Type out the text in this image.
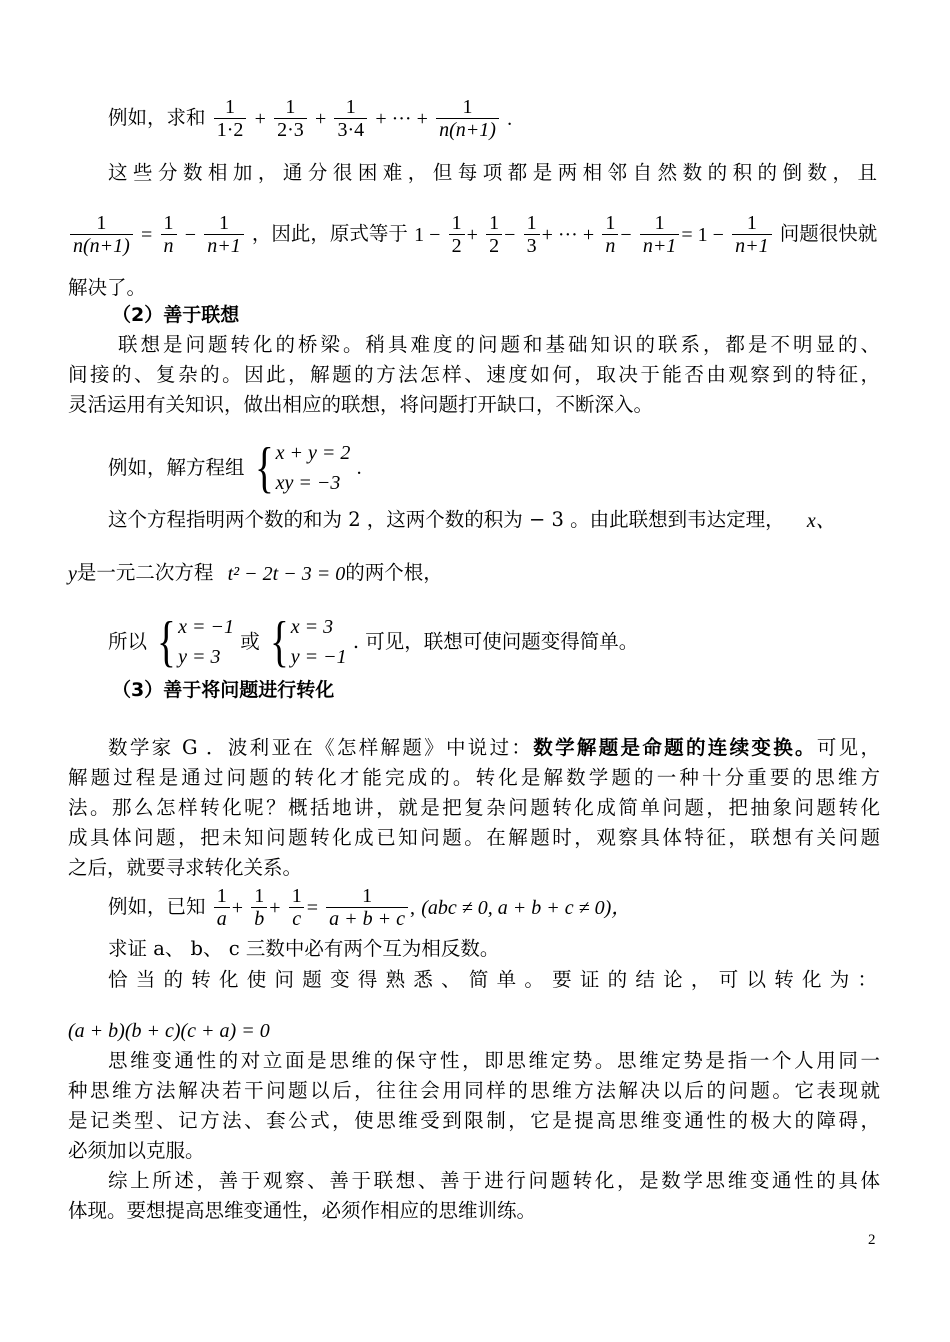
例如，求和 $\frac{1}{1\cdot 2} + \frac{1}{2\cdot 3} + \frac{1}{3\cdot 4}$ + ··· + $\frac{1}{n(n+1)}$ .
这些分数相加，通分很困难，但每项都是两相邻自然数的积的倒数，且
$\frac{1}{n(n+1)} = \frac{1}{n} - \frac{1}{n+1}$ ，因此，原式等于 $1 - \frac{1}{2} + \frac{1}{2} - \frac{1}{3}$ + ··· + $\frac{1}{n} - \frac{1}{n+1} = 1 - \frac{1}{n+1}$ 问题很快就
解决了。
（2）善于联想
联想是问题转化的桥梁。稍具难度的问题和基础知识的联系，都是不明显的、
间接的、复杂的。因此，解题的方法怎样、速度如何，取决于能否由观察到的特征，
灵活运用有关知识，做出相应的联想，将问题打开缺口，不断深入。
例如，解方程组 { x + y = 2
xy = −3
.
这个方程指明两个数的和为 2 ，这两个数的积为 − 3 。由此联想到韦达定理， x、
y是一元二次方程 t² − 2t − 3 = 0的两个根，
所以 { x = −1
y = 3
或 { x = 3
y = −1
. 可见，联想可使问题变得简单。
（3）善于将问题进行转化
数学家 G ．波利亚在《怎样解题》中说过：数学解题是命题的连续变换。可见，
解题过程是通过问题的转化才能完成的。转化是解数学题的一种十分重要的思维方
法。那么怎样转化呢？概括地讲，就是把复杂问题转化成简单问题，把抽象问题转化
成具体问题，把未知问题转化成已知问题。在解题时，观察具体特征，联想有关问题
之后，就要寻求转化关系。
例如，已知 $\frac{1}{a} + \frac{1}{b} + \frac{1}{c} = \frac{1}{a + b + c}$ , (abc ≠ 0, a + b + c ≠ 0)，
求证 a、 b、 c 三数中必有两个互为相反数。
恰当的转化使问题变得熟悉、简单。要证的结论，可以转化为：
(a + b)(b + c)(c + a) = 0
思维变通性的对立面是思维的保守性，即思维定势。思维定势是指一个人用同一
种思维方法解决若干问题以后，往往会用同样的思维方法解决以后的问题。它表现就
是记类型、记方法、套公式，使思维受到限制，它是提高思维变通性的极大的障碍，
必须加以克服。
综上所述，善于观察、善于联想、善于进行问题转化，是数学思维变通性的具体
体现。要想提高思维变通性，必须作相应的思维训练。
2
